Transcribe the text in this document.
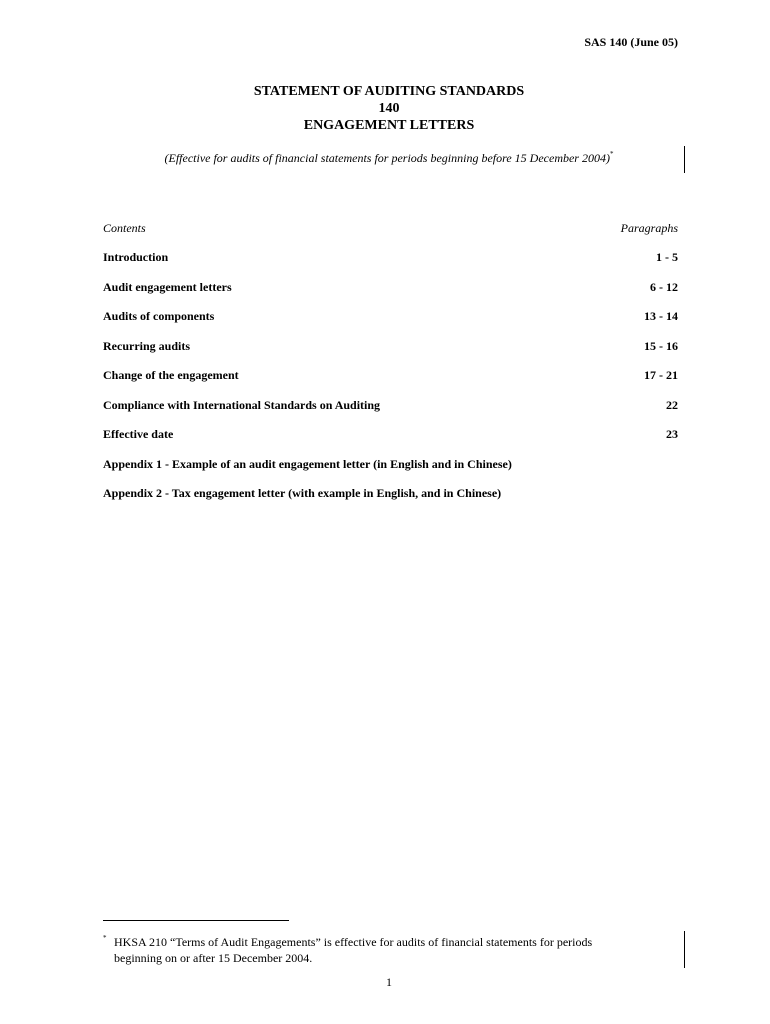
SAS 140 (June 05)
STATEMENT OF AUDITING STANDARDS
140
ENGAGEMENT LETTERS
(Effective for audits of financial statements for periods beginning before 15 December 2004)*
Contents	Paragraphs
Introduction	1 - 5
Audit engagement letters	6 - 12
Audits of components	13 - 14
Recurring audits	15 - 16
Change of the engagement	17 - 21
Compliance with International Standards on Auditing	22
Effective date	23
Appendix 1 - Example of an audit engagement letter (in English and in Chinese)
Appendix 2 - Tax engagement letter (with example in English, and in Chinese)
* HKSA 210 “Terms of Audit Engagements” is effective for audits of financial statements for periods beginning on or after 15 December 2004.
1
